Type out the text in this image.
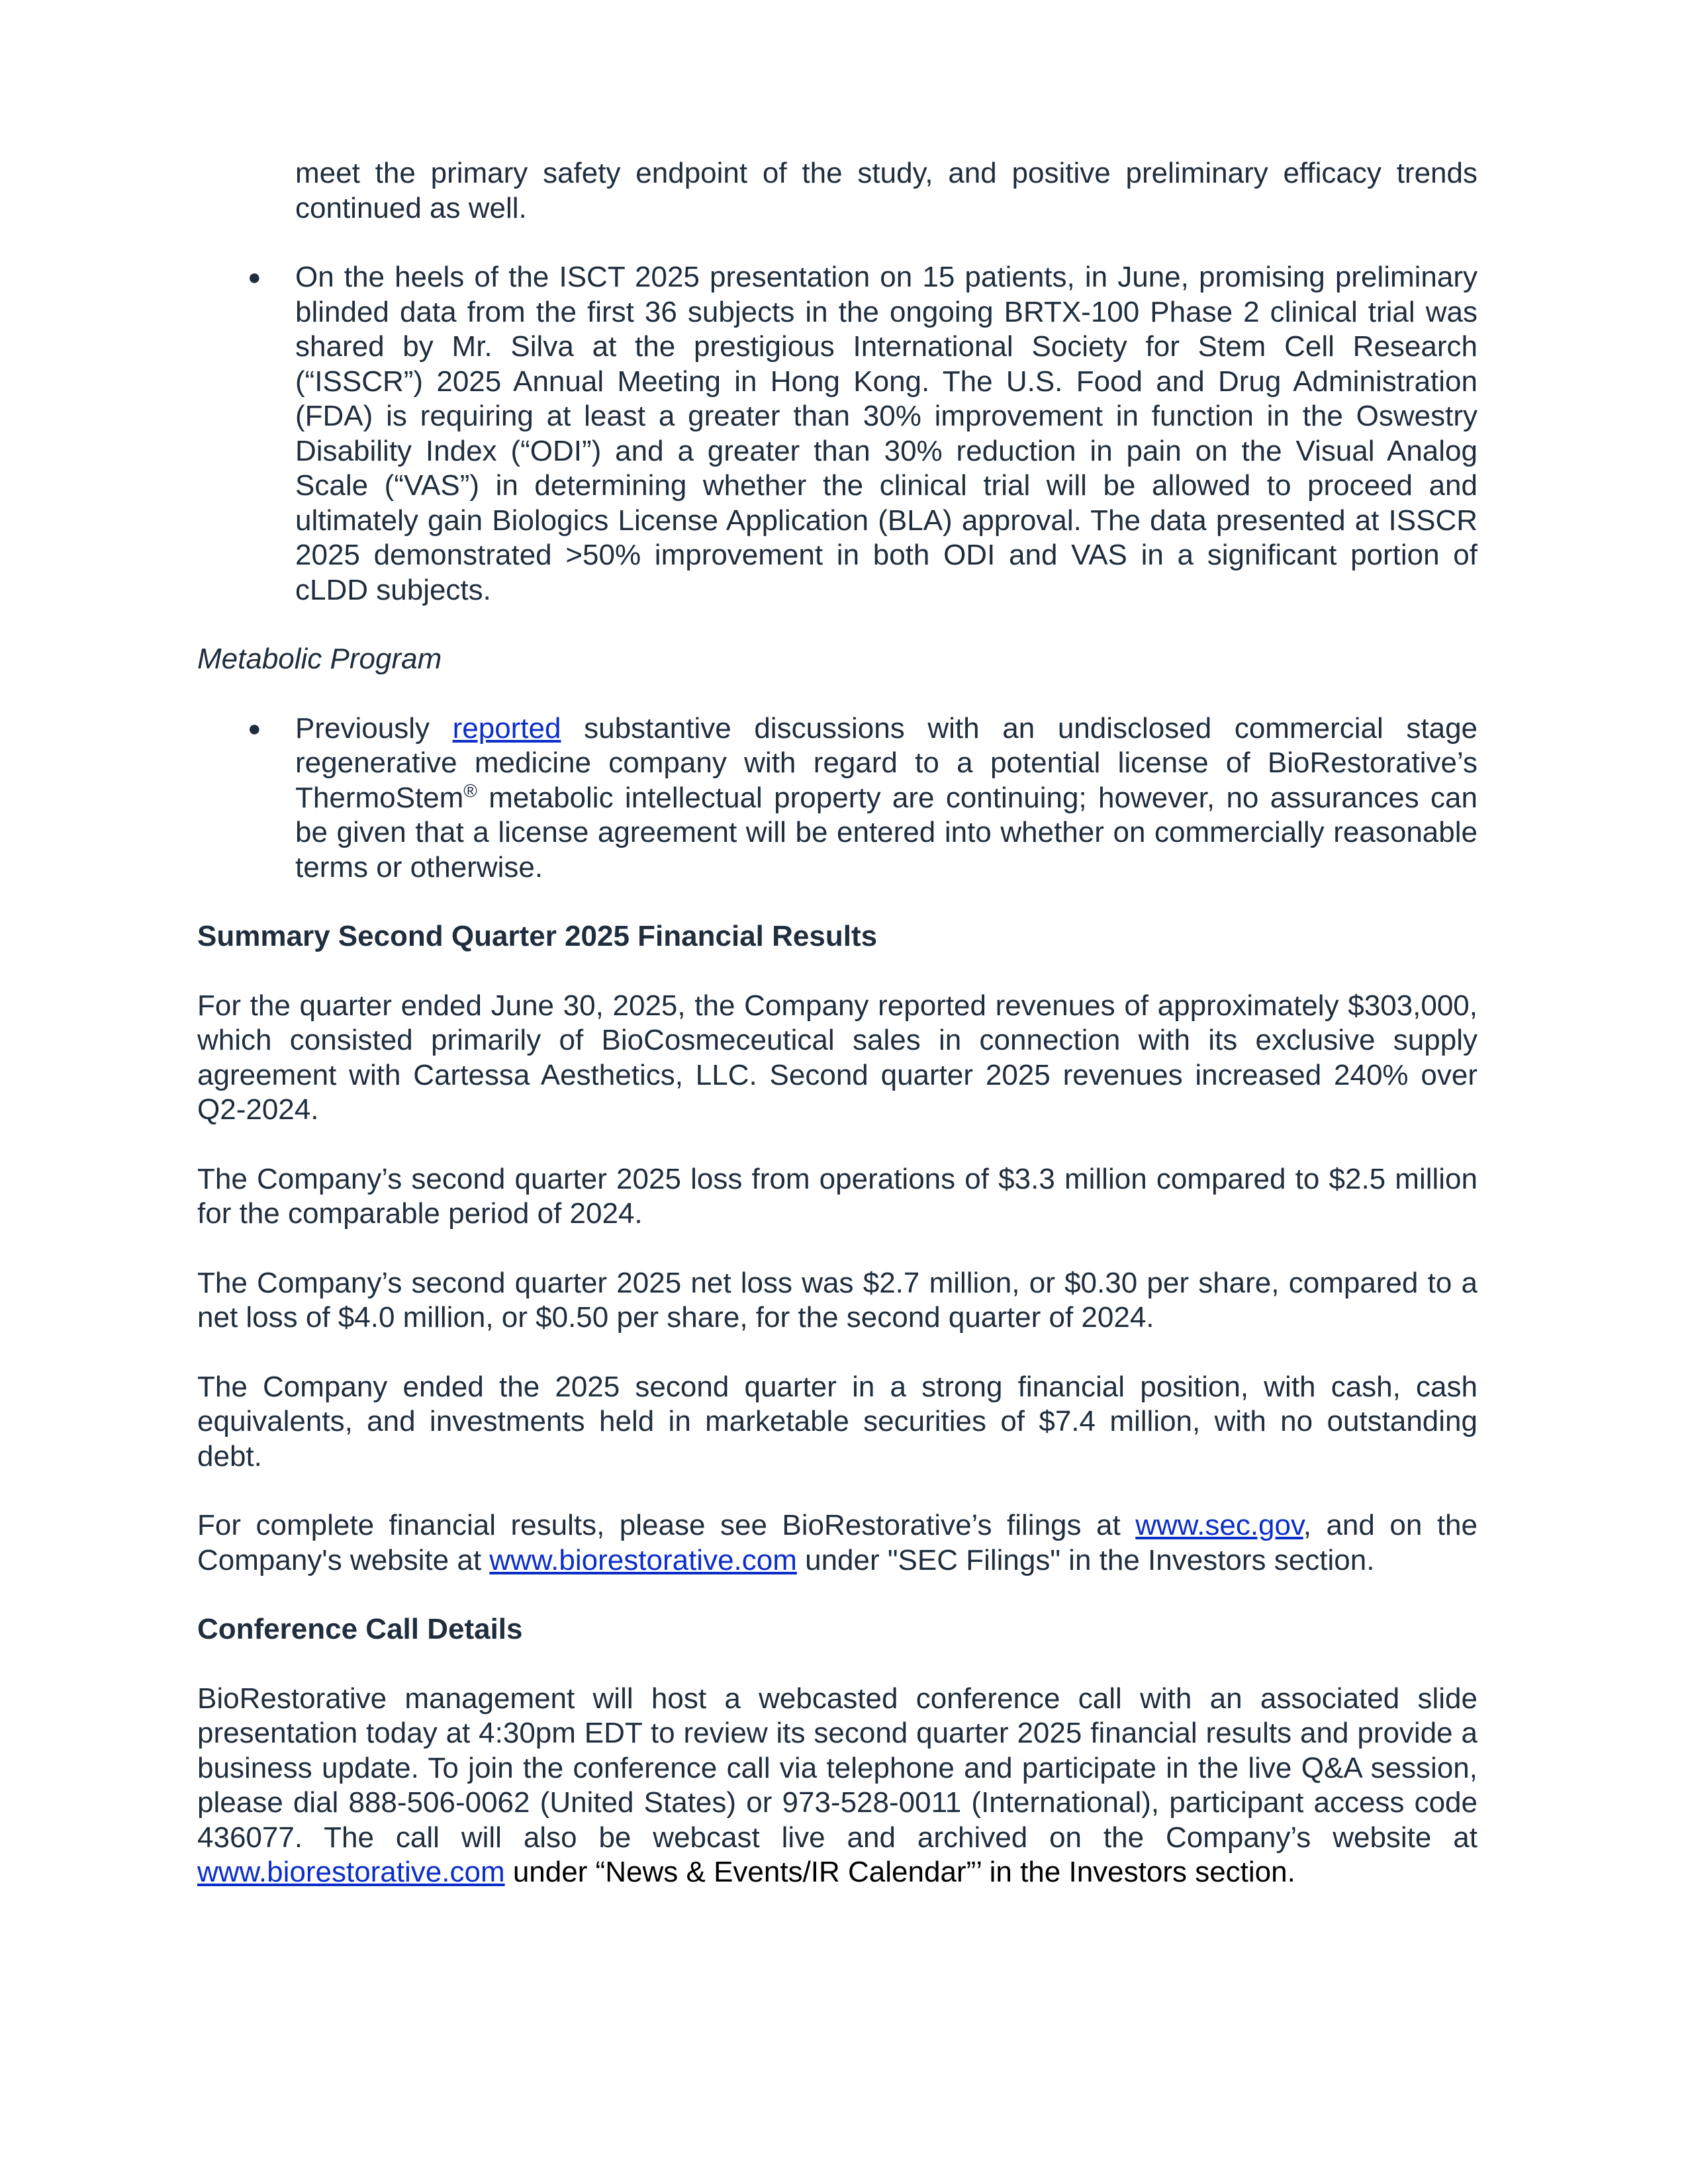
meet the primary safety endpoint of the study, and positive preliminary efficacy trends continued as well.

● On the heels of the ISCT 2025 presentation on 15 patients, in June, promising preliminary blinded data from the first 36 subjects in the ongoing BRTX-100 Phase 2 clinical trial was shared by Mr. Silva at the prestigious International Society for Stem Cell Research (“ISSCR”) 2025 Annual Meeting in Hong Kong. The U.S. Food and Drug Administration (FDA) is requiring at least a greater than 30% improvement in function in the Oswestry Disability Index (“ODI”) and a greater than 30% reduction in pain on the Visual Analog Scale (“VAS”) in determining whether the clinical trial will be allowed to proceed and ultimately gain Biologics License Application (BLA) approval. The data presented at ISSCR 2025 demonstrated >50% improvement in both ODI and VAS in a significant portion of cLDD subjects.

Metabolic Program
● Previously reported substantive discussions with an undisclosed commercial stage regenerative medicine company with regard to a potential license of BioRestorative’s ThermoStem® metabolic intellectual property are continuing; however, no assurances can be given that a license agreement will be entered into whether on commercially reasonable terms or otherwise.

Summary Second Quarter 2025 Financial Results

For the quarter ended June 30, 2025, the Company reported revenues of approximately $303,000, which consisted primarily of BioCosmeceutical sales in connection with its exclusive supply agreement with Cartessa Aesthetics, LLC. Second quarter 2025 revenues increased 240% over Q2-2024.

The Company’s second quarter 2025 loss from operations of $3.3 million compared to $2.5 million for the comparable period of 2024.

The Company’s second quarter 2025 net loss was $2.7 million, or $0.30 per share, compared to a net loss of $4.0 million, or $0.50 per share, for the second quarter of 2024.

The Company ended the 2025 second quarter in a strong financial position, with cash, cash equivalents, and investments held in marketable securities of $7.4 million, with no outstanding debt.

For complete financial results, please see BioRestorative’s filings at www.sec.gov, and on the Company's website at www.biorestorative.com under "SEC Filings" in the Investors section.

Conference Call Details

BioRestorative management will host a webcasted conference call with an associated slide presentation today at 4:30pm EDT to review its second quarter 2025 financial results and provide a business update. To join the conference call via telephone and participate in the live Q&A session, please dial 888-506-0062 (United States) or 973-528-0011 (International), participant access code 436077. The call will also be webcast live and archived on the Company’s website at www.biorestorative.com under “News & Events/IR Calendar”’ in the Investors section.
